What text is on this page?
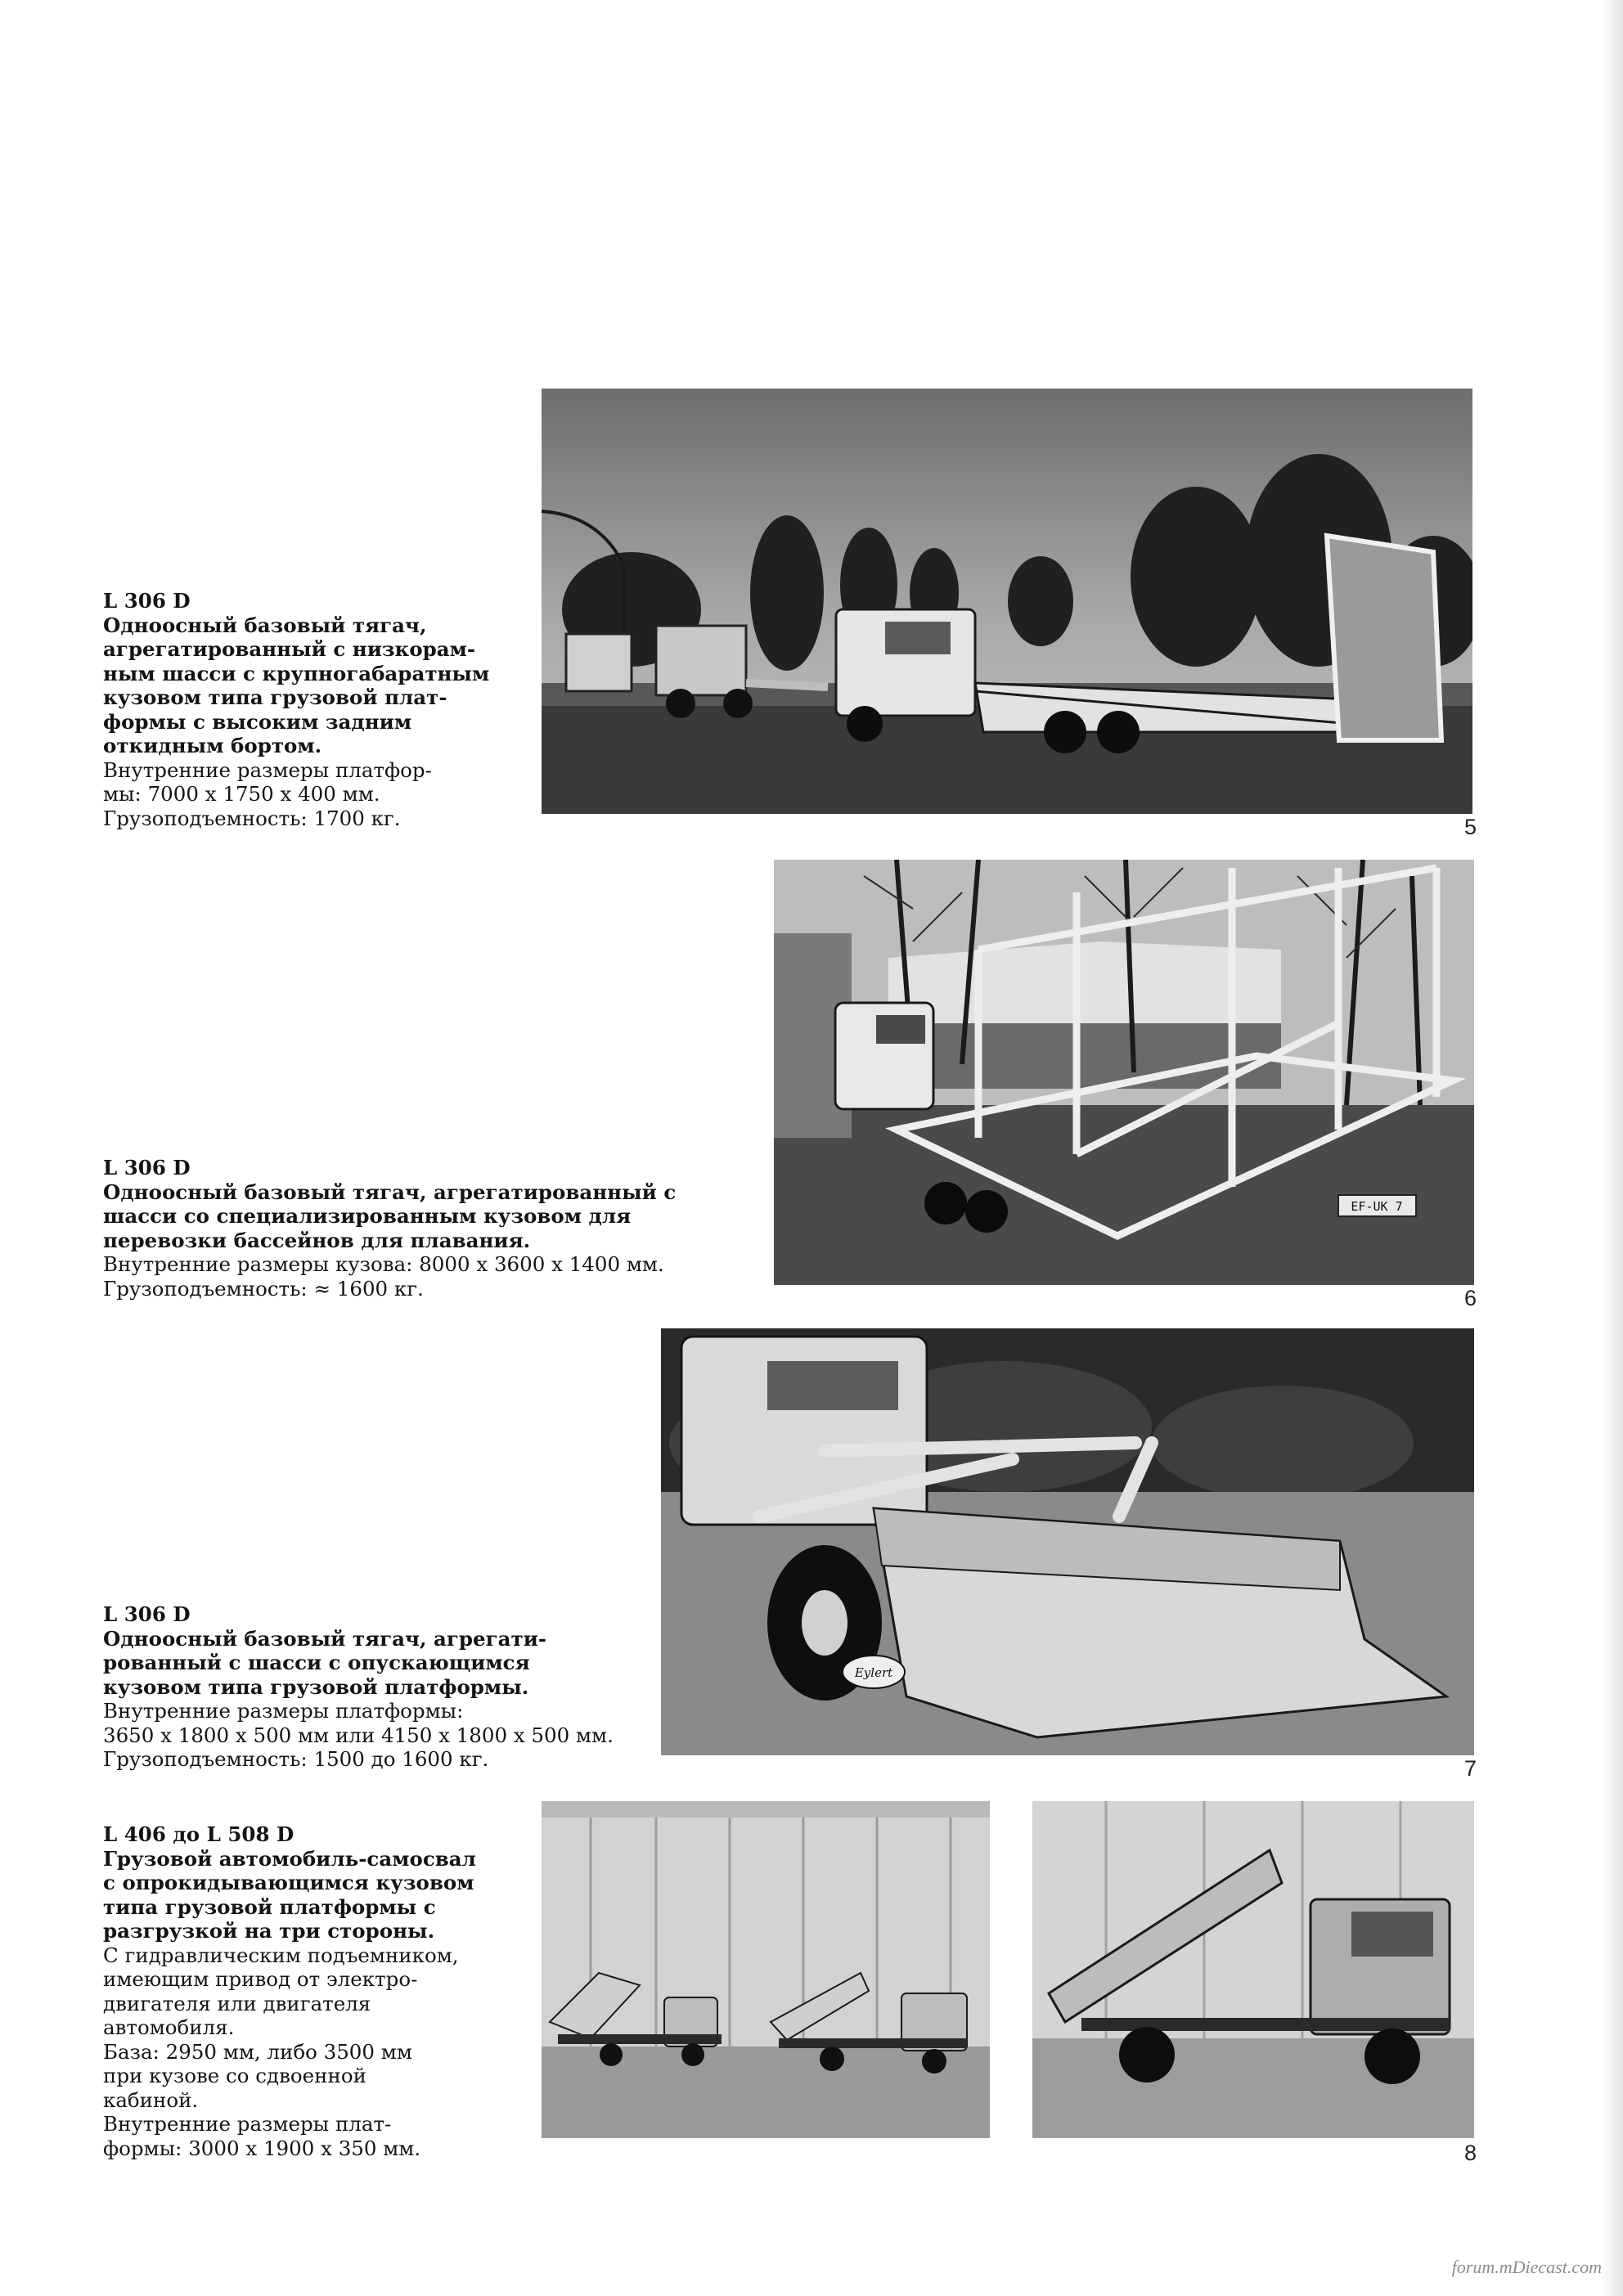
L 306 D
Одноосный базовый тягач,
агрегатированный с низкорам-
ным шасси с крупногабаратным
кузовом типа грузовой плат-
формы с высоким задним
откидным бортом.
Внутренние размеры платфор-
мы: 7000 x 1750 x 400 мм.
Грузоподъемность: 1700 кг.	5
L 306 D
Одноосный базовый тягач, агрегатированный с
шасси со специализированным кузовом для
перевозки бассейнов для плавания.
Внутренние размеры кузова: 8000 x 3600 x 1400 мм.
Грузоподъемность: ≈ 1600 кг.
EF-UK 7
6
L 306 D
Одноосный базовый тягач, агрегати-
рованный с шасси с опускающимся
кузовом типа грузовой платформы.
Внутренние размеры платформы:
3650 x 1800 x 500 мм или 4150 x 1800 x 500 мм.
Грузоподъемность: 1500 до 1600 кг.
Eylert
7
L 406 до L 508 D
Грузовой автомобиль-самосвал
с опрокидывающимся кузовом
типа грузовой платформы с
разгрузкой на три стороны.
С гидравлическим подъемником,
имеющим привод от электро-
двигателя или двигателя
автомобиля.
База: 2950 мм, либо 3500 мм
при кузове со сдвоенной
кабиной.
Внутренние размеры плат-
формы: 3000 x 1900 x 350 мм.	8
forum.mDiecast.com
